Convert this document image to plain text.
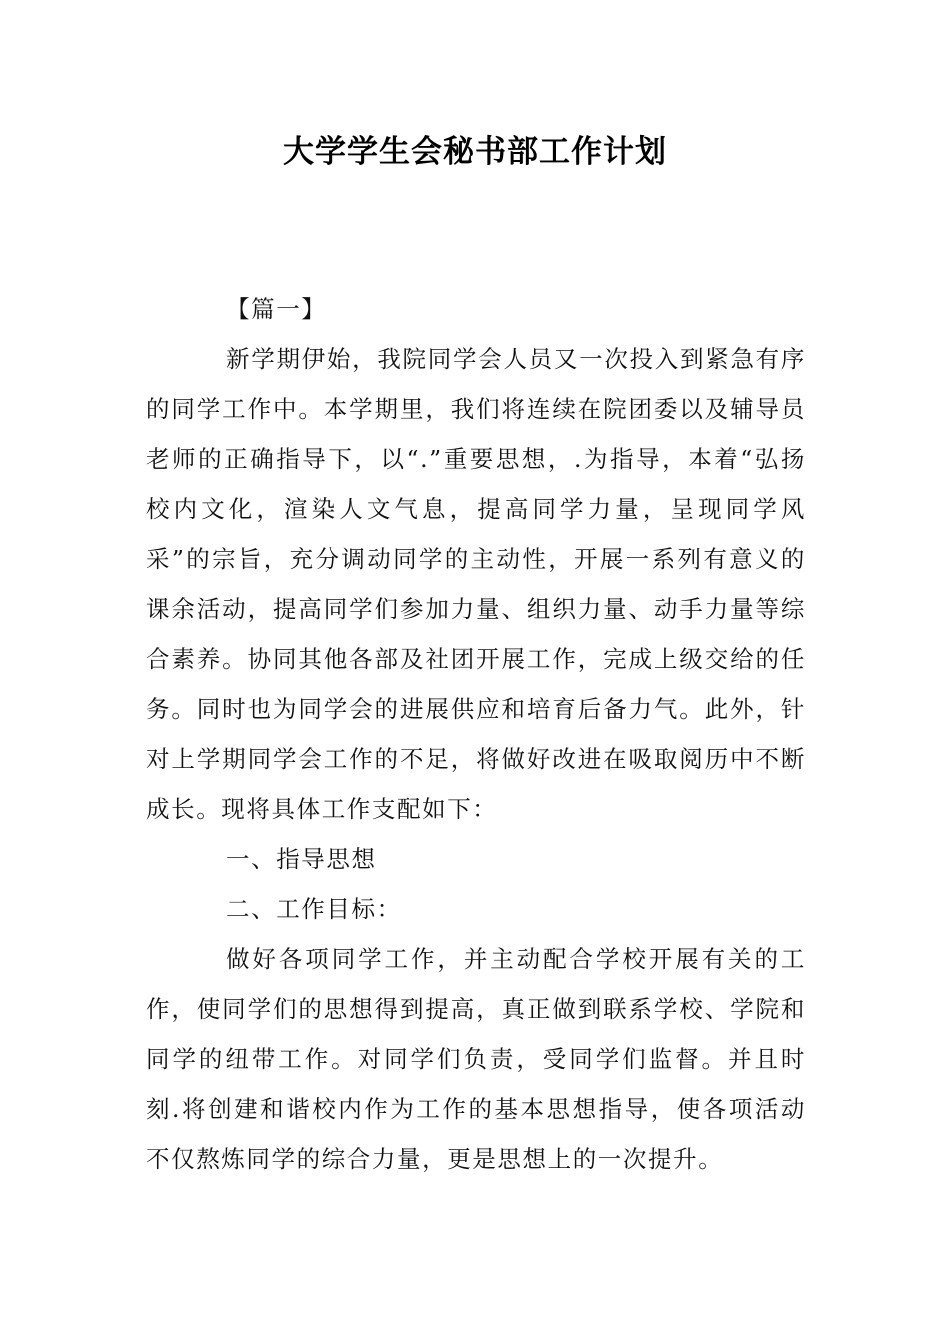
大学学生会秘书部工作计划

【篇一】

新学期伊始，我院同学会人员又一次投入到紧急有序的同学工作中。本学期里，我们将连续在院团委以及辅导员老师的正确指导下，以“.”重要思想，.为指导，本着“弘扬校内文化，渲染人文气息，提高同学力量，呈现同学风采”的宗旨，充分调动同学的主动性，开展一系列有意义的课余活动，提高同学们参加力量、组织力量、动手力量等综合素养。协同其他各部及社团开展工作，完成上级交给的任务。同时也为同学会的进展供应和培育后备力气。此外，针对上学期同学会工作的不足，将做好改进在吸取阅历中不断成长。现将具体工作支配如下：

一、指导思想

二、工作目标：

做好各项同学工作，并主动配合学校开展有关的工作，使同学们的思想得到提高，真正做到联系学校、学院和同学的纽带工作。对同学们负责，受同学们监督。并且时刻.将创建和谐校内作为工作的基本思想指导，使各项活动不仅熬炼同学的综合力量，更是思想上的一次提升。
